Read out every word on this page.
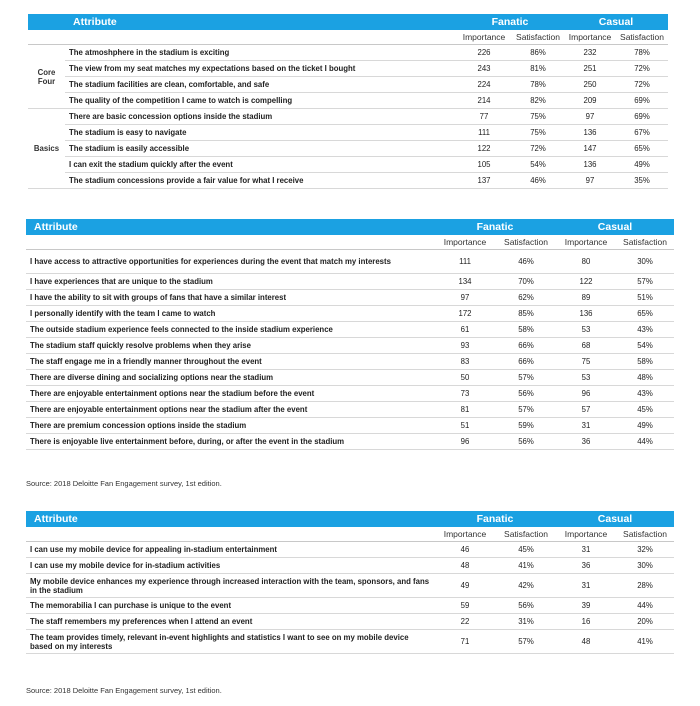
	Attribute	Fanatic		Casual	
		Importance	Satisfaction	Importance	Satisfaction
Core Four	The atmoshphere in the stadium is exciting	226	86%	232	78%
	The view from my seat matches my expectations based on the ticket I bought	243	81%	251	72%
	The stadium facilities are clean, comfortable, and safe	224	78%	250	72%
	The quality of the competition I came to watch is compelling	214	82%	209	69%
Basics	There are basic concession options inside the stadium	77	75%	97	69%
	The stadium is easy to navigate	111	75%	136	67%
	The stadium is easily accessible	122	72%	147	65%
	I can exit the stadium quickly after the event	105	54%	136	49%
	The stadium concessions provide a fair value for what I receive	137	46%	97	35%
Attribute	Fanatic		Casual	
	Importance	Satisfaction	Importance	Satisfaction
I have access to attractive opportunities for experiences during the event that match my interests	111	46%	80	30%
I have experiences that are unique to the stadium	134	70%	122	57%
I have the ability to sit with groups of fans that have a similar interest	97	62%	89	51%
I personally identify with the team I came to watch	172	85%	136	65%
The outside stadium experience feels connected to the inside stadium experience	61	58%	53	43%
The stadium staff quickly resolve problems when they arise	93	66%	68	54%
The staff engage me in a friendly manner throughout the event	83	66%	75	58%
There are diverse dining and socializing options near the stadium	50	57%	53	48%
There are enjoyable entertainment options near the stadium before the event	73	56%	96	43%
There are enjoyable entertainment options near the stadium after the event	81	57%	57	45%
There are premium concession options inside the stadium	51	59%	31	49%
There is enjoyable live entertainment before, during, or after the event in the stadium	96	56%	36	44%
Source: 2018 Deloitte Fan Engagement survey, 1st edition.
Attribute	Fanatic		Casual	
	Importance	Satisfaction	Importance	Satisfaction
I can use my mobile device for appealing in-stadium entertainment	46	45%	31	32%
I can use my mobile device for in-stadium activities	48	41%	36	30%
My mobile device enhances my experience through increased interaction with the team, sponsors, and fans in the stadium	49	42%	31	28%
The memorabilia I can purchase is unique to the event	59	56%	39	44%
The staff remembers my preferences when I attend an event	22	31%	16	20%
The team provides timely, relevant in-event highlights and statistics I want to see on my mobile device based on my interests	71	57%	48	41%
Source: 2018 Deloitte Fan Engagement survey, 1st edition.
